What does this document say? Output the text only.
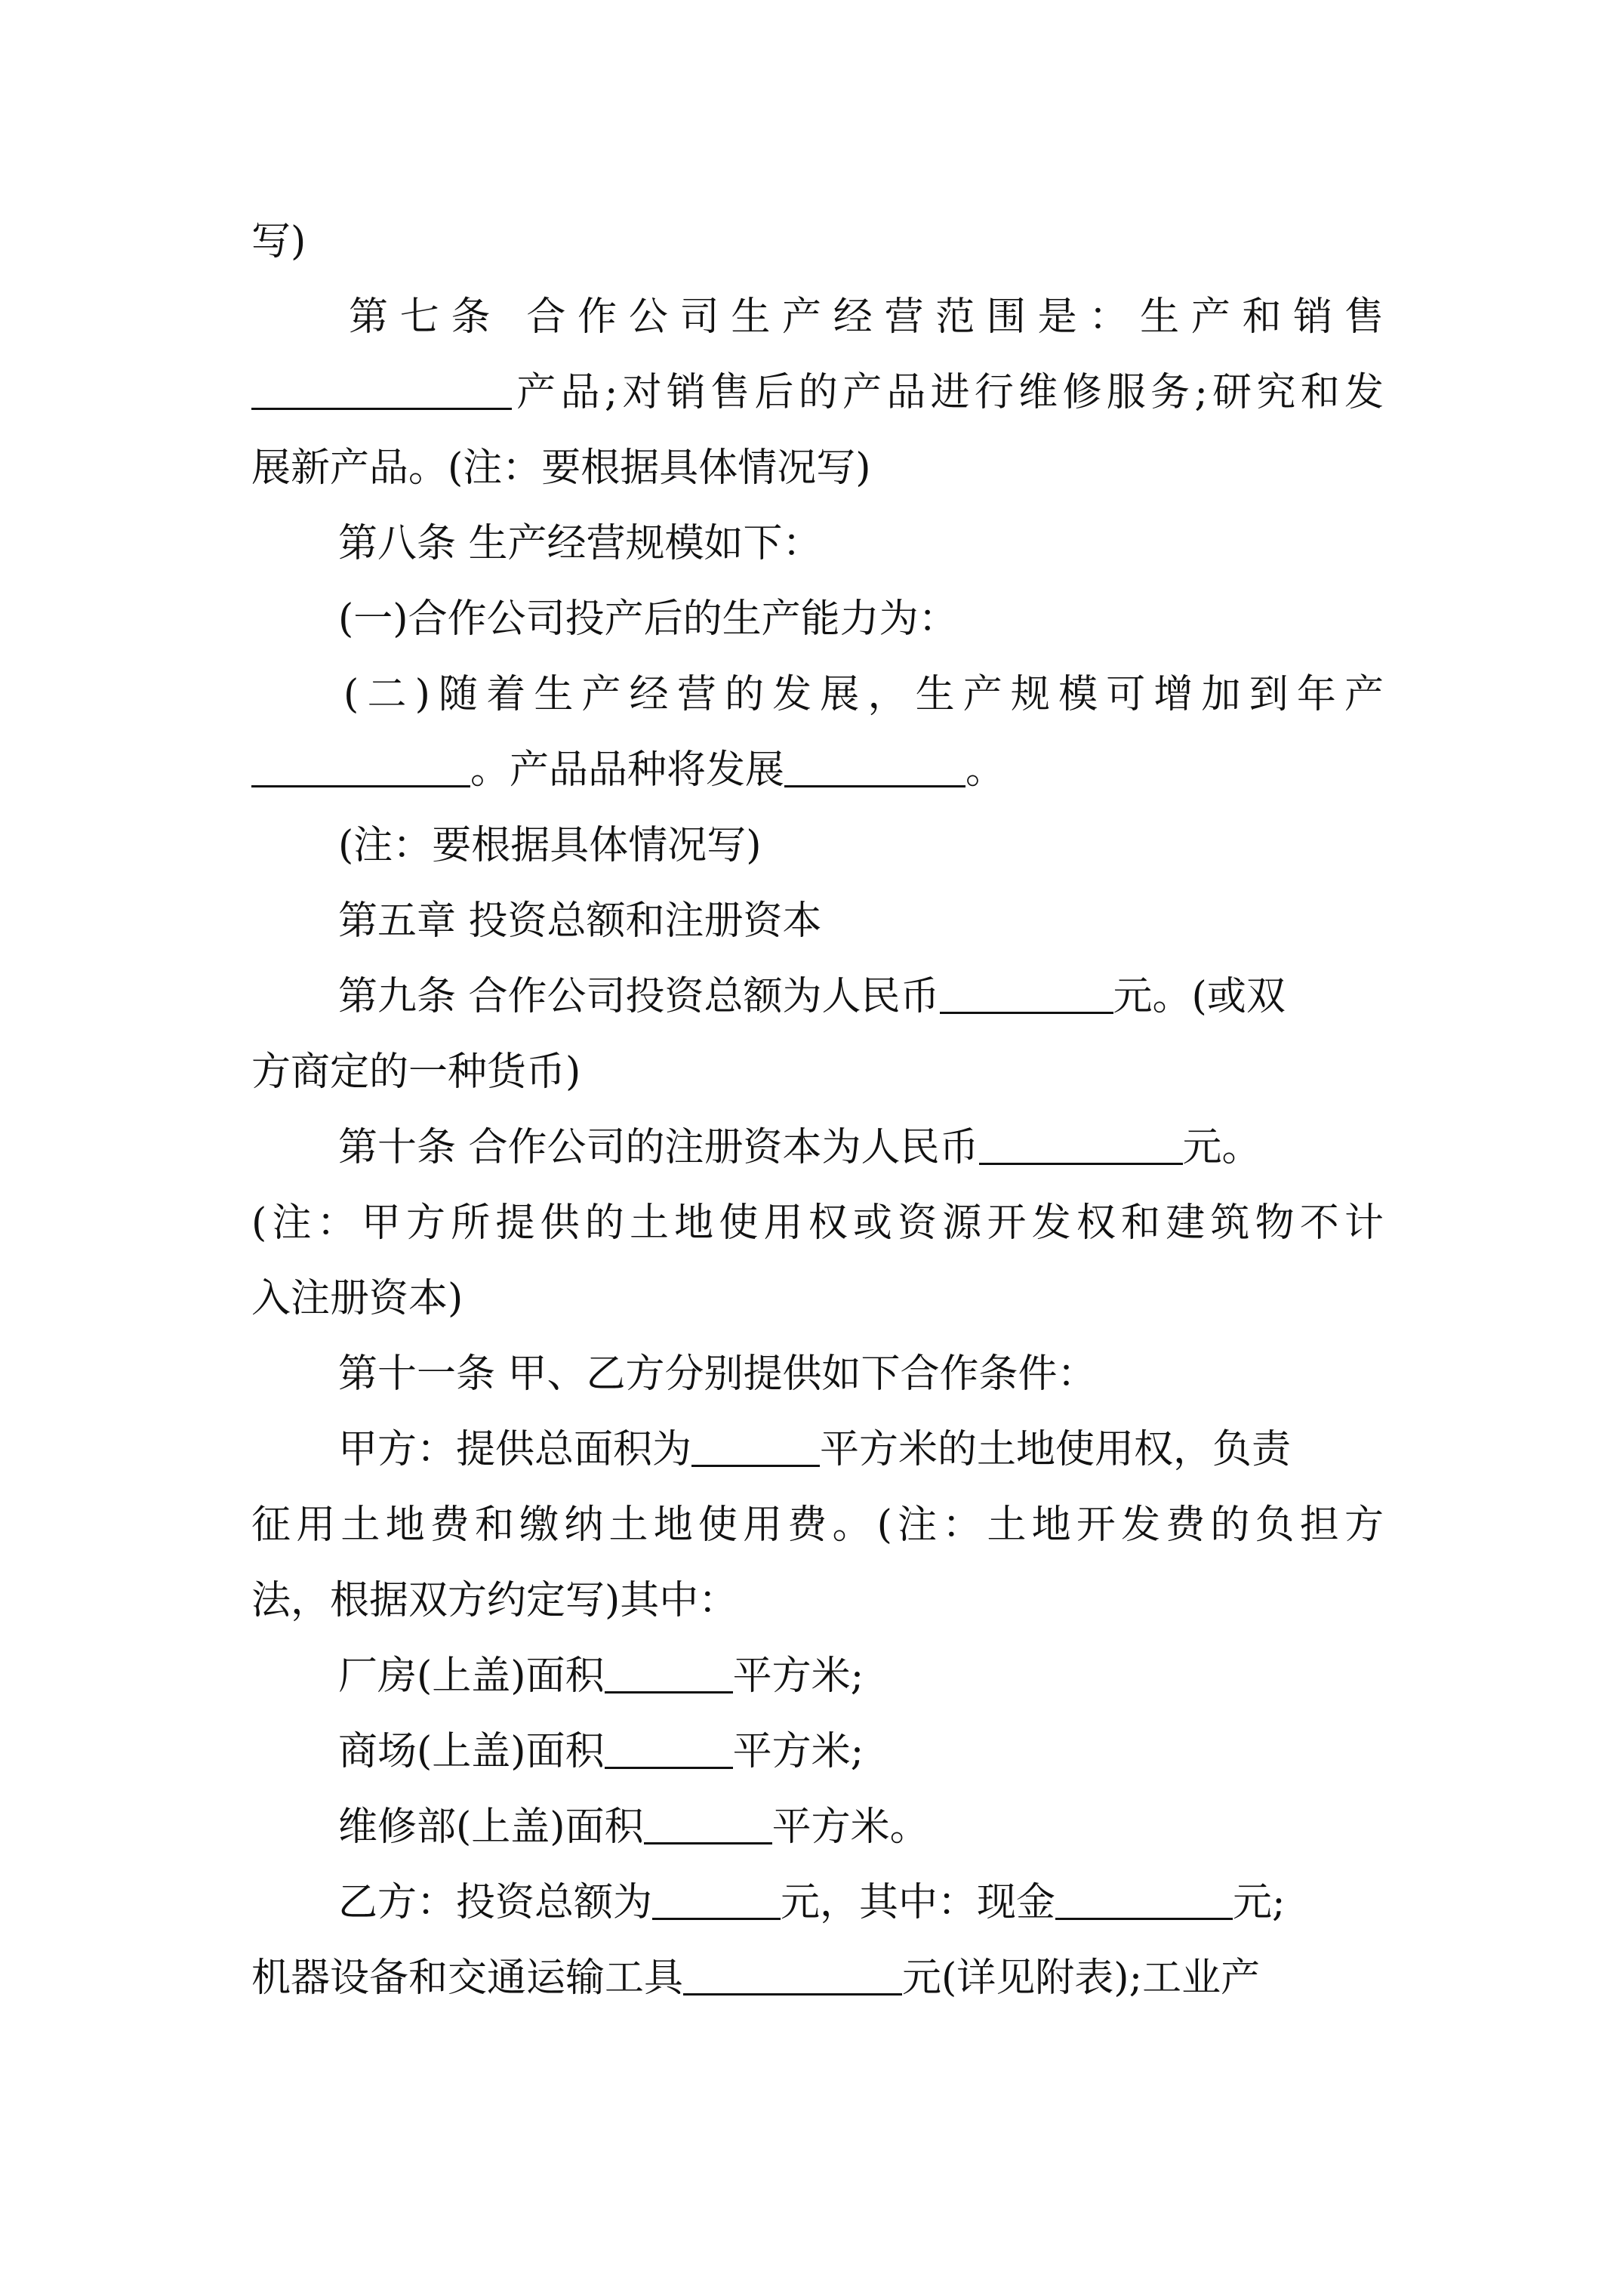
写)
第七条 合作公司生产经营范围是：生产和销售
产品;对销售后的产品进行维修服务;研究和发
展新产品。(注：要根据具体情况写)
第八条 生产经营规模如下：
(一)合作公司投产后的生产能力为：
(二)随着生产经营的发展，生产规模可增加到年产
。产品品种将发展	。
(注：要根据具体情况写)
第五章 投资总额和注册资本
第九条 合作公司投资总额为人民币	元。(或双
方商定的一种货币)
第十条 合作公司的注册资本为人民币	元。
(注：甲方所提供的土地使用权或资源开发权和建筑物不计
入注册资本)
第十一条 甲、乙方分别提供如下合作条件：
甲方：提供总面积为	平方米的土地使用权，负责
征用土地费和缴纳土地使用费。(注：土地开发费的负担方
法，根据双方约定写)其中：
厂房(上盖)面积	平方米;
商场(上盖)面积	平方米;
维修部(上盖)面积	平方米。
乙方：投资总额为	元，其中：现金	元;
机器设备和交通运输工具	元(详见附表);工业产
